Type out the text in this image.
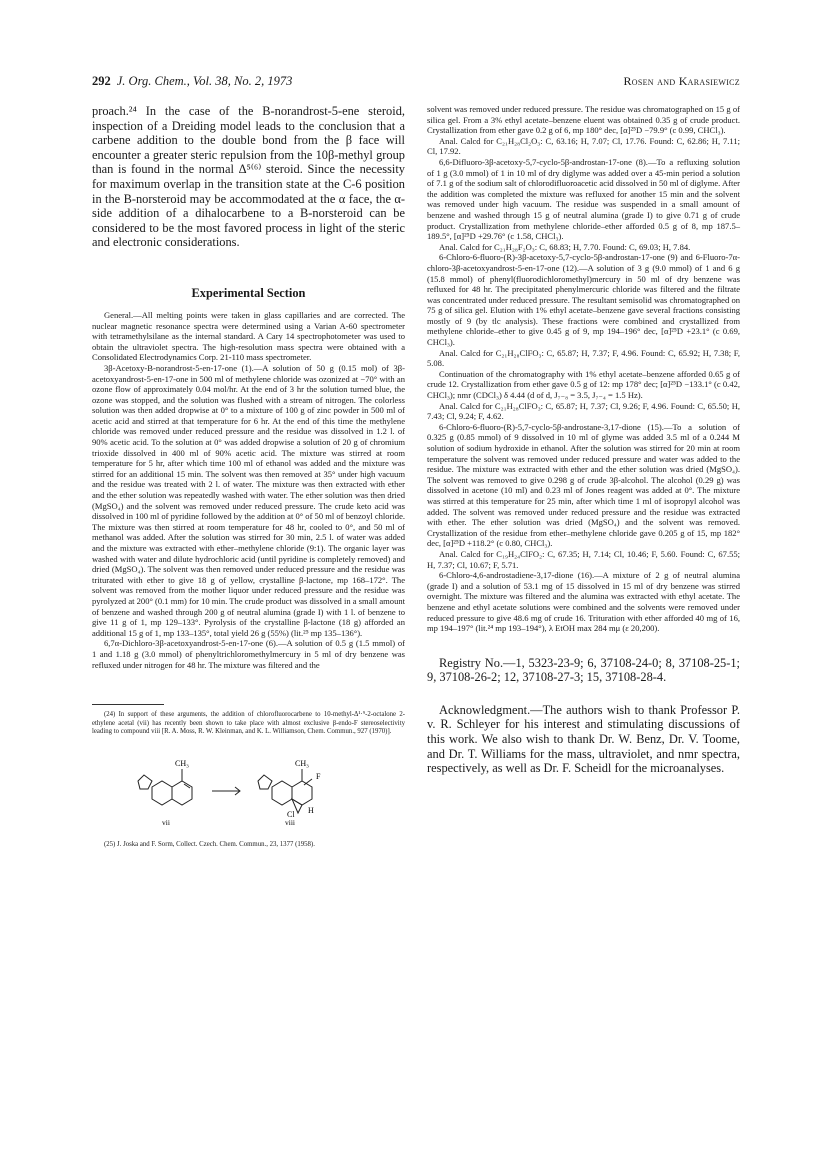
292 J. Org. Chem., Vol. 38, No. 2, 1973	Rosen and Karasiewicz

proach.²⁴ In the case of the B-norandrost-5-ene steroid, inspection of a Dreiding model leads to the conclusion that a carbene addition to the double bond from the β face will encounter a greater steric repulsion from the 10β-methyl group than is found in the normal Δ⁵⁽⁶⁾ steroid. Since the necessity for maximum overlap in the transition state at the C-6 position in the B-norsteroid may be accommodated at the α face, the α-side addition of a dihalocarbene to a B-norsteroid can be considered to be the most favored process in light of the steric and electronic considerations.

Experimental Section

General.—All melting points were taken in glass capillaries and are corrected. The nuclear magnetic resonance spectra were determined using a Varian A-60 spectrometer with tetramethylsilane as the internal standard. A Cary 14 spectrophotometer was used to obtain the ultraviolet spectra. The high-resolution mass spectra were obtained with a Consolidated Electrodynamics Corp. 21-110 mass spectrometer.

3β-Acetoxy-B-norandrost-5-en-17-one (1).—A solution of 50 g (0.15 mol) of 3β-acetoxyandrost-5-en-17-one in 500 ml of methylene chloride was ozonized at −70° with an ozone flow of approximately 0.04 mol/hr. At the end of 3 hr the solution turned blue, the ozone was stopped, and the solution was flushed with a stream of nitrogen. The colorless solution was then added dropwise at 0° to a mixture of 100 g of zinc powder in 500 ml of acetic acid and stirred at that temperature for 6 hr. At the end of this time the methylene chloride was removed under reduced pressure and the residue was dissolved in 1.2 l. of 90% acetic acid. To the solution at 0° was added dropwise a solution of 20 g of chromium trioxide dissolved in 400 ml of 90% acetic acid. The mixture was stirred at room temperature for 5 hr, after which time 100 ml of ethanol was added and the mixture was stirred for an additional 15 min. The solvent was then removed at 35° under high vacuum and the residue was treated with 2 l. of water. The mixture was then extracted with ether and the ether solution was repeatedly washed with water. The ether solution was then dried (MgSO₄) and the solvent was removed under reduced pressure. The crude keto acid was dissolved in 100 ml of pyridine followed by the addition at 0° of 50 ml of benzoyl chloride. The mixture was then stirred at room temperature for 48 hr, cooled to 0°, and 50 ml of methanol was added. After the solution was stirred for 30 min, 2.5 l. of water was added and the mixture was extracted with ether–methylene chloride (9:1). The organic layer was washed with water and dilute hydrochloric acid (until pyridine is completely removed) and dried (MgSO₄). The solvent was then removed under reduced pressure and the residue was triturated with ether to give 18 g of yellow, crystalline β-lactone, mp 168–172°. The solvent was removed from the mother liquor under reduced pressure and the residue was pyrolyzed at 200° (0.1 mm) for 10 min. The crude product was dissolved in a small amount of benzene and washed through 200 g of neutral alumina (grade I) with 1 l. of benzene to give 11 g of 1, mp 129–133°. Pyrolysis of the crystalline β-lactone (18 g) afforded an additional 15 g of 1, mp 133–135°, total yield 26 g (55%) (lit.²⁵ mp 135–136°).

6,7α-Dichloro-3β-acetoxyandrost-5-en-17-one (6).—A solution of 0.5 g (1.5 mmol) of 1 and 1.18 g (3.0 mmol) of phenyltrichloromethylmercury in 5 ml of dry benzene was refluxed under nitrogen for 48 hr. The mixture was filtered and the

(24) In support of these arguments, the addition of chlorofluorocarbene to 10-methyl-Δ¹·⁹-2-octalone 2-ethylene acetal (vii) has recently been shown to take place with almost exclusive β-endo-F stereoselectivity leading to compound viii [R. A. Moss, R. W. Kleinman, and K. L. Williamson, Chem. Commun., 927 (1970)].

CH₃	CH₃
F
Cl H
vii	viii

(25) J. Joska and F. Sorm, Collect. Czech. Chem. Commun., 23, 1377 (1958).

solvent was removed under reduced pressure. The residue was chromatographed on 15 g of silica gel. From a 3% ethyl acetate–benzene eluent was obtained 0.35 g of crude product. Crystallization from ether gave 0.2 g of 6, mp 180° dec, [α]²⁵D −79.9° (c 0.99, CHCl₃).

Anal. Calcd for C₂₁H₂₈Cl₂O₃: C, 63.16; H, 7.07; Cl, 17.76. Found: C, 62.86; H, 7.11; Cl, 17.92.

6,6-Difluoro-3β-acetoxy-5,7-cyclo-5β-androstan-17-one (8).—To a refluxing solution of 1 g (3.0 mmol) of 1 in 10 ml of dry diglyme was added over a 45-min period a solution of 7.1 g of the sodium salt of chlorodifluoroacetic acid dissolved in 50 ml of diglyme. After the addition was completed the mixture was refluxed for another 15 min and the solvent was removed under high vacuum. The residue was suspended in a small amount of benzene and washed through 15 g of neutral alumina (grade I) to give 0.71 g of crude product. Crystallization from methylene chloride–ether afforded 0.5 g of 8, mp 187.5–189.5°, [α]²⁵D +29.76° (c 1.58, CHCl₃).

Anal. Calcd for C₂₁H₂₈F₂O₃: C, 68.83; H, 7.70. Found: C, 69.03; H, 7.84.

6-Chloro-6-fluoro-(R)-3β-acetoxy-5,7-cyclo-5β-androstan-17-one (9) and 6-Fluoro-7α-chloro-3β-acetoxyandrost-5-en-17-one (12).—A solution of 3 g (9.0 mmol) of 1 and 6 g (15.8 mmol) of phenyl(fluorodichloromethyl)mercury in 50 ml of dry benzene was refluxed for 48 hr. The precipitated phenylmercuric chloride was filtered and the filtrate was concentrated under reduced pressure. The resultant semisolid was chromatographed on 75 g of silica gel. Elution with 1% ethyl acetate–benzene gave several fractions consisting mostly of 9 (by tlc analysis). These fractions were combined and crystallized from methylene chloride–ether to give 0.45 g of 9, mp 194–196° dec, [α]²⁵D +23.1° (c 0.69, CHCl₃).

Anal. Calcd for C₂₁H₂₈ClFO₃: C, 65.87; H, 7.37; F, 4.96. Found: C, 65.92; H, 7.38; F, 5.08.

Continuation of the chromatography with 1% ethyl acetate–benzene afforded 0.65 g of crude 12. Crystallization from ether gave 0.5 g of 12: mp 178° dec; [α]²⁵D −133.1° (c 0.42, CHCl₃); nmr (CDCl₃) δ 4.44 (d of d, J₇₋₈ = 3.5, J₇₋₄ = 1.5 Hz).

Anal. Calcd for C₂₁H₂₈ClFO₃: C, 65.87; H, 7.37; Cl, 9.26; F, 4.96. Found: C, 65.50; H, 7.43; Cl, 9.24; F, 4.62.

6-Chloro-6-fluoro-(R)-5,7-cyclo-5β-androstane-3,17-dione (15).—To a solution of 0.325 g (0.85 mmol) of 9 dissolved in 10 ml of glyme was added 3.5 ml of a 0.244 M solution of sodium hydroxide in ethanol. After the solution was stirred for 20 min at room temperature the solvent was removed under reduced pressure and water was added to the residue. The mixture was extracted with ether and the ether solution was dried (MgSO₄). The solvent was removed to give 0.298 g of crude 3β-alcohol. The alcohol (0.29 g) was dissolved in acetone (10 ml) and 0.23 ml of Jones reagent was added at 0°. The mixture was stirred at this temperature for 25 min, after which time 1 ml of isopropyl alcohol was added. The solvent was removed under reduced pressure and the residue was extracted with ether. The ether solution was dried (MgSO₄) and the solvent was removed. Crystallization of the residue from ether–methylene chloride gave 0.205 g of 15, mp 182° dec, [α]²⁵D +118.2° (c 0.80, CHCl₃).

Anal. Calcd for C₁₉H₂₄ClFO₂: C, 67.35; H, 7.14; Cl, 10.46; F, 5.60. Found: C, 67.55; H, 7.37; Cl, 10.67; F, 5.71.

6-Chloro-4,6-androstadiene-3,17-dione (16).—A mixture of 2 g of neutral alumina (grade I) and a solution of 53.1 mg of 15 dissolved in 15 ml of dry benzene was stirred overnight. The mixture was filtered and the alumina was extracted with ethyl acetate. The benzene and ethyl acetate solutions were combined and the solvents were removed under reduced pressure to give 48.6 mg of crude 16. Trituration with ether afforded 40 mg of 16, mp 194–197° (lit.²⁴ mp 193–194°), λ EtOH max 284 mμ (ε 20,200).

Registry No.—1, 5323-23-9; 6, 37108-24-0; 8, 37108-25-1; 9, 37108-26-2; 12, 37108-27-3; 15, 37108-28-4.

Acknowledgment.—The authors wish to thank Professor P. v. R. Schleyer for his interest and stimulating discussions of this work. We also wish to thank Dr. W. Benz, Dr. V. Toome, and Dr. T. Williams for the mass, ultraviolet, and nmr spectra, respectively, as well as Dr. F. Scheidl for the microanalyses.
